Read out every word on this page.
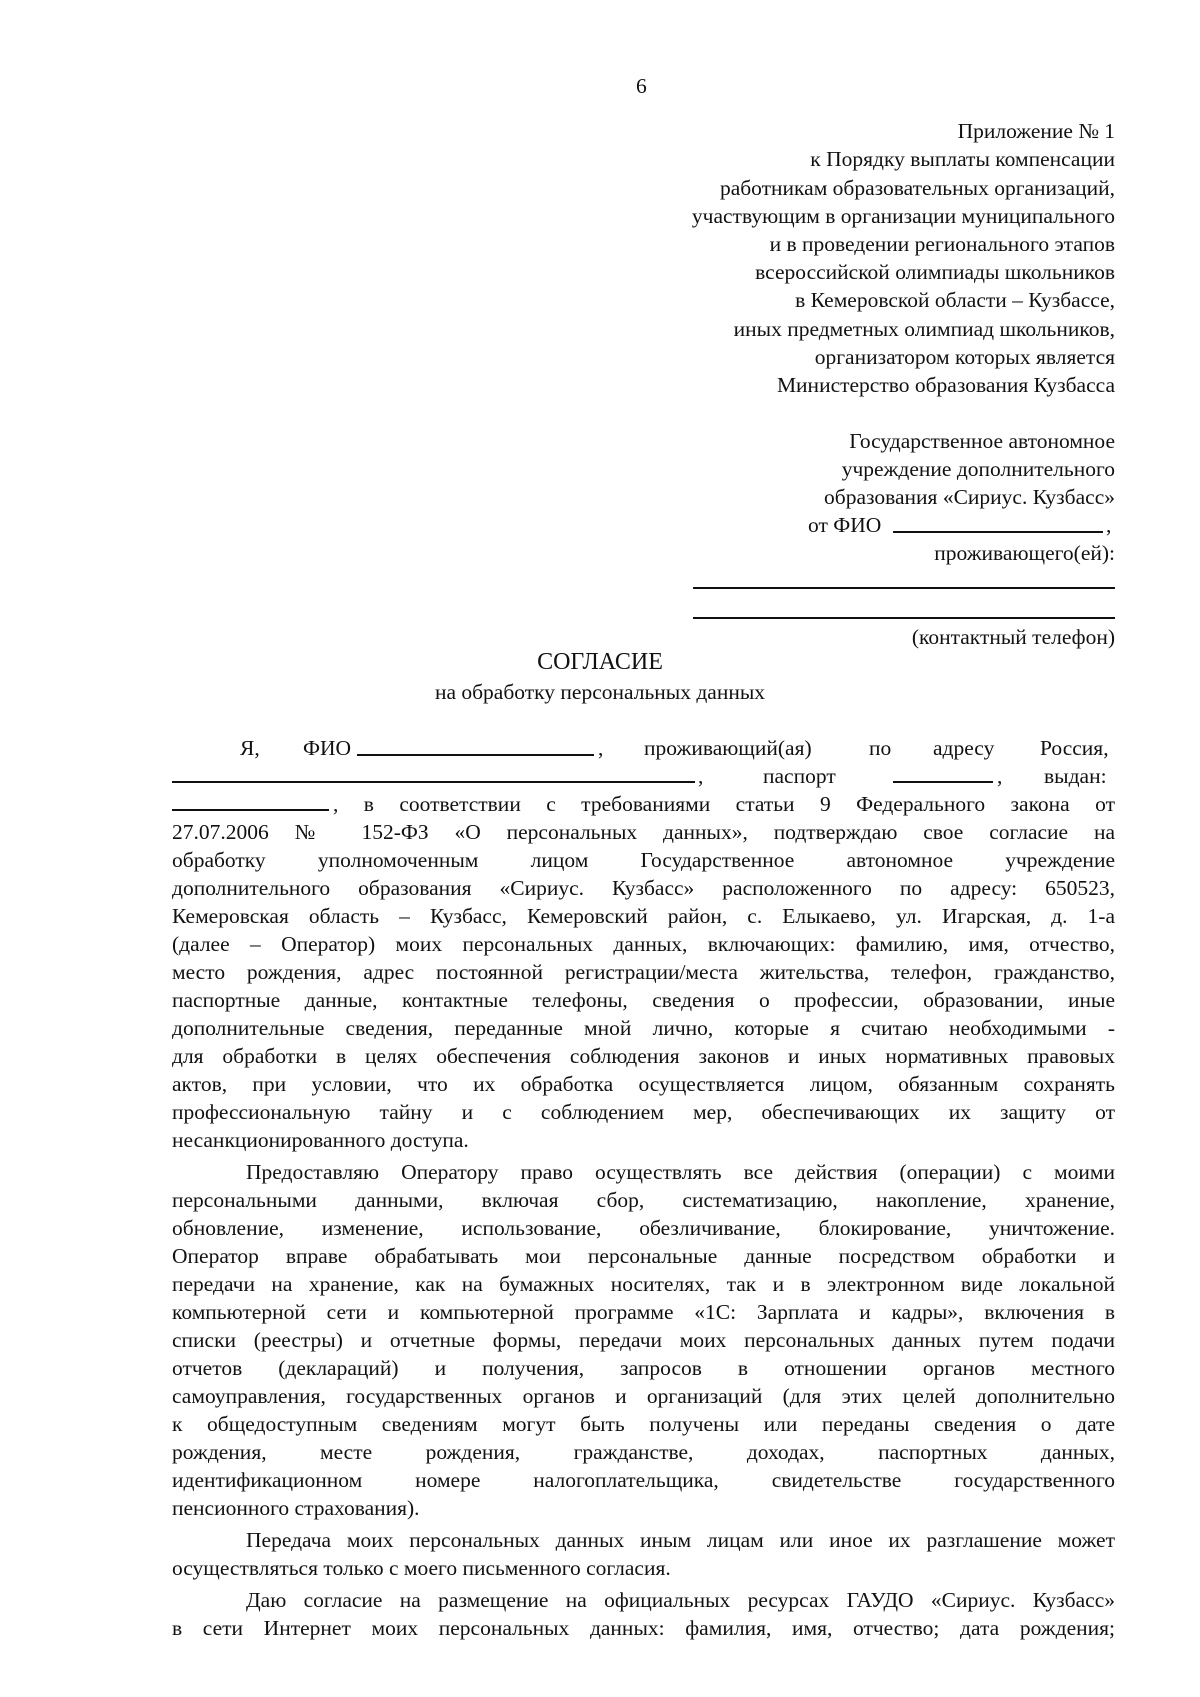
6
Приложение № 1
к Порядку выплаты компенсации
работникам образовательных организаций,
участвующим в организации муниципального
и в проведении регионального этапов
всероссийской олимпиады школьников
в Кемеровской области – Кузбассе,
иных предметных олимпиад школьников,
организатором которых является
Министерство образования Кузбасса
Государственное автономное
учреждение дополнительного
образования «Сириус. Кузбасс»
от ФИО	,
проживающего(ей):
(контактный телефон)
СОГЛАСИЕ
на обработку персональных данных
Я, ФИО	, проживающий(ая)	по адресу Россия,
,	паспорт	, выдан:
, в соответствии с требованиями статьи 9 Федерального закона от
27.07.2006 № 152-ФЗ «О персональных данных», подтверждаю свое согласие на
обработку уполномоченным лицом Государственное автономное учреждение
дополнительного образования «Сириус. Кузбасс» расположенного по адресу: 650523,
Кемеровская область – Кузбасс, Кемеровский район, с. Елыкаево, ул. Игарская, д. 1-а
(далее – Оператор) моих персональных данных, включающих: фамилию, имя, отчество,
место рождения, адрес постоянной регистрации/места жительства, телефон, гражданство,
паспортные данные, контактные телефоны, сведения о профессии, образовании, иные
дополнительные сведения, переданные мной лично, которые я считаю необходимыми -
для обработки в целях обеспечения соблюдения законов и иных нормативных правовых
актов, при условии, что их обработка осуществляется лицом, обязанным сохранять
профессиональную тайну и с соблюдением мер, обеспечивающих их защиту от
несанкционированного доступа.
Предоставляю Оператору право осуществлять все действия (операции) с моими
персональными данными, включая сбор, систематизацию, накопление, хранение,
обновление, изменение, использование, обезличивание, блокирование, уничтожение.
Оператор вправе обрабатывать мои персональные данные посредством обработки и
передачи на хранение, как на бумажных носителях, так и в электронном виде локальной
компьютерной сети и компьютерной программе «1С: Зарплата и кадры», включения в
списки (реестры) и отчетные формы, передачи моих персональных данных путем подачи
отчетов (деклараций) и получения, запросов в отношении органов местного
самоуправления, государственных органов и организаций (для этих целей дополнительно
к общедоступным сведениям могут быть получены или переданы сведения о дате
рождения, месте рождения, гражданстве, доходах, паспортных данных,
идентификационном номере налогоплательщика, свидетельстве государственного
пенсионного страхования).
Передача моих персональных данных иным лицам или иное их разглашение может
осуществляться только с моего письменного согласия.
Даю согласие на размещение на официальных ресурсах ГАУДО «Сириус. Кузбасс»
в сети Интернет моих персональных данных: фамилия, имя, отчество; дата рождения;
